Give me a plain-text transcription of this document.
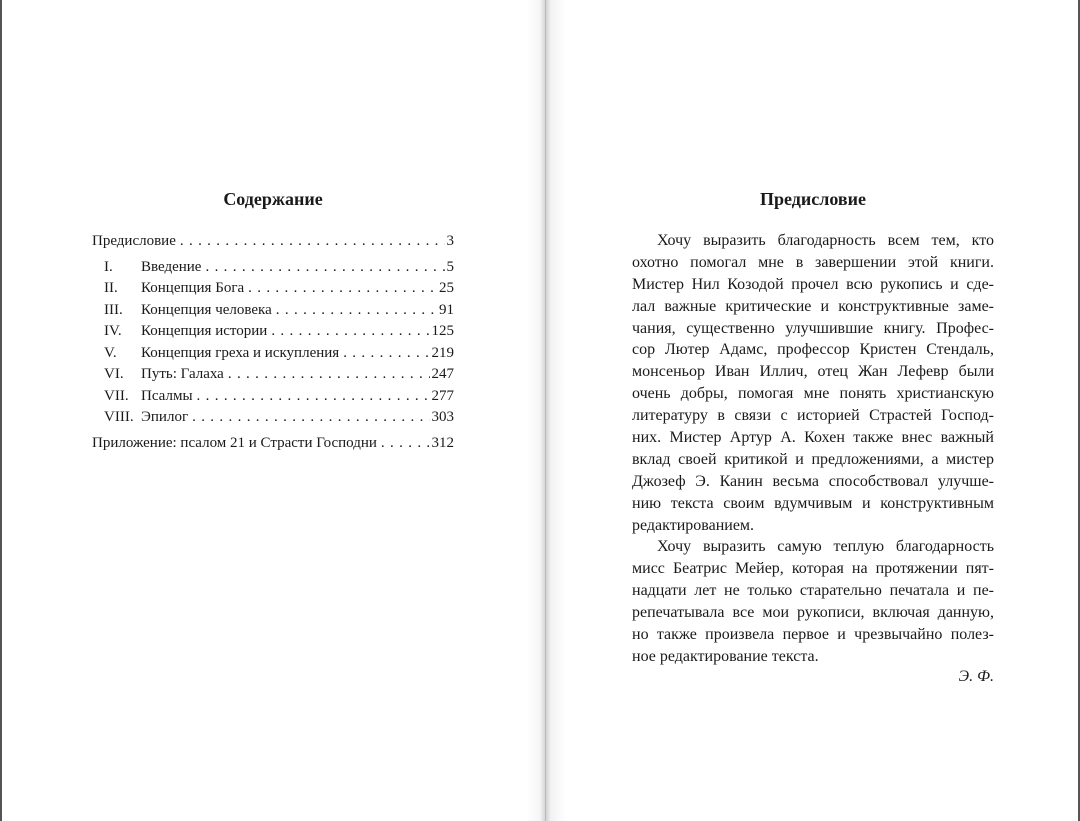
Содержание
Предисловие . . .	3
I.	Введение . . .	5
II.	Концепция Бога . . .	25
III.	Концепция человека . . .	91
IV.	Концепция истории . . .	125
V.	Концепция греха и искупления . . .	219
VI.	Путь: Галаха . . .	247
VII. Псалмы . . .	277
VIII. Эпилог . . .	303
Приложение: псалом 21 и Страсти Господни . . .	312
Предисловие
Хочу выразить благодарность всем тем, кто
охотно помогал мне в завершении этой книги.
Мистер Нил Козодой прочел всю рукопись и сде-
лал важные критические и конструктивные заме-
чания, существенно улучшившие книгу. Профес-
сор Лютер Адамс, профессор Кристен Стендаль,
монсеньор Иван Иллич, отец Жан Лефевр были
очень добры, помогая мне понять христианскую
литературу в связи с историей Страстей Господ-
них. Мистер Артур А. Кохен также внес важный
вклад своей критикой и предложениями, а мистер
Джозеф Э. Канин весьма способствовал улучше-
нию текста своим вдумчивым и конструктивным
редактированием.
Хочу выразить самую теплую благодарность
мисс Беатрис Мейер, которая на протяжении пят-
надцати лет не только старательно печатала и пе-
репечатывала все мои рукописи, включая данную,
но также произвела первое и чрезвычайно полез-
ное редактирование текста.
Э. Ф.
